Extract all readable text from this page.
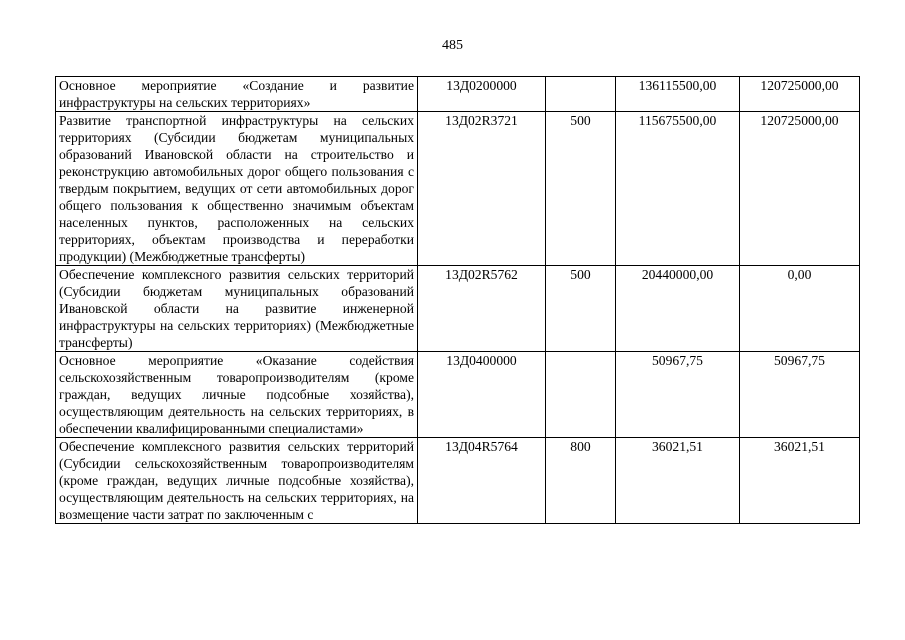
485
Основное мероприятие «Создание и развитие инфраструктуры на сельских территориях»	13Д0200000		136115500,00	120725000,00
Развитие транспортной инфраструктуры на сельских территориях (Субсидии бюджетам муниципальных образований Ивановской области на строительство и реконструкцию автомобильных дорог общего пользования с твердым покрытием, ведущих от сети автомобильных дорог общего пользования к общественно значимым объектам населенных пунктов, расположенных на сельских территориях, объектам производства и переработки продукции) (Межбюджетные трансферты)	13Д02R3721	500	115675500,00	120725000,00
Обеспечение комплексного развития сельских территорий (Субсидии бюджетам муниципальных образований Ивановской области на развитие инженерной инфраструктуры на сельских территориях) (Межбюджетные трансферты)	13Д02R5762	500	20440000,00	0,00
Основное мероприятие «Оказание содействия сельскохозяйственным товаропроизводителям (кроме граждан, ведущих личные подсобные хозяйства), осуществляющим деятельность на сельских территориях, в обеспечении квалифицированными специалистами»	13Д0400000		50967,75	50967,75
Обеспечение комплексного развития сельских территорий (Субсидии сельскохозяйственным товаропроизводителям (кроме граждан, ведущих личные подсобные хозяйства), осуществляющим деятельность на сельских территориях, на возмещение части затрат по заключенным с	13Д04R5764	800	36021,51	36021,51
